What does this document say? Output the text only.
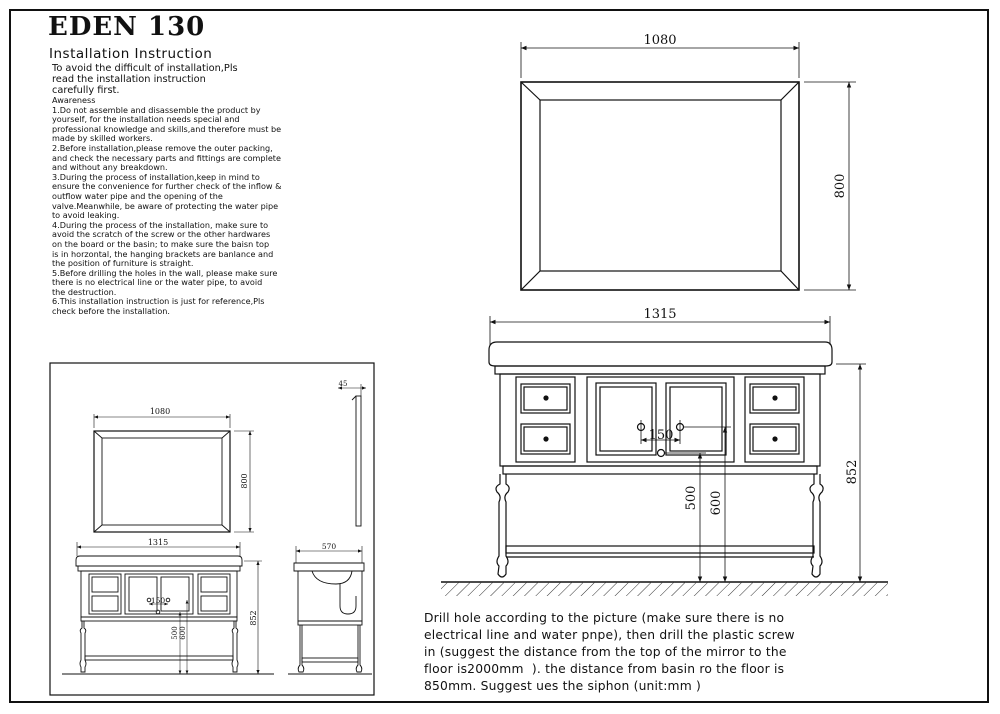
EDEN 130
Installation Instruction
To avoid the difficult of installation,Pls
read the installation instruction
carefully first.
Awareness
1.Do not assemble and disassemble the product by
yourself, for the installation needs special and
professional knowledge and skills,and therefore must be
made by skilled workers.
2.Before installation,please remove the outer packing,
and check the necessary parts and fittings are complete
and without any breakdown.
3.During the process of installation,keep in mind to
ensure the convenience for further check of the inflow &
outflow water pipe and the opening of the
valve.Meanwhile, be aware of protecting the water pipe
to avoid leaking.
4.During the process of the installation, make sure to
avoid the scratch of the screw or the other hardwares
on the board or the basin; to make sure the baisn top
is in horzontal, the hanging brackets are banlance and
the position of furniture is straight.
5.Before drilling the holes in the wall, please make sure
there is no electrical line or the water pipe, to avoid
the destruction.
6.This installation instruction is just for reference,Pls
check before the installation.
1080
800
1315
150
500 600
852
1080
800
45
1315
150
500 600
852
570
Drill hole according to the picture (make sure there is no
electrical line and water pnpe), then drill the plastic screw
in (suggest the distance from the top of the mirror to the
floor is2000mm  ). the distance from basin ro the floor is
850mm. Suggest ues the siphon (unit:mm )
